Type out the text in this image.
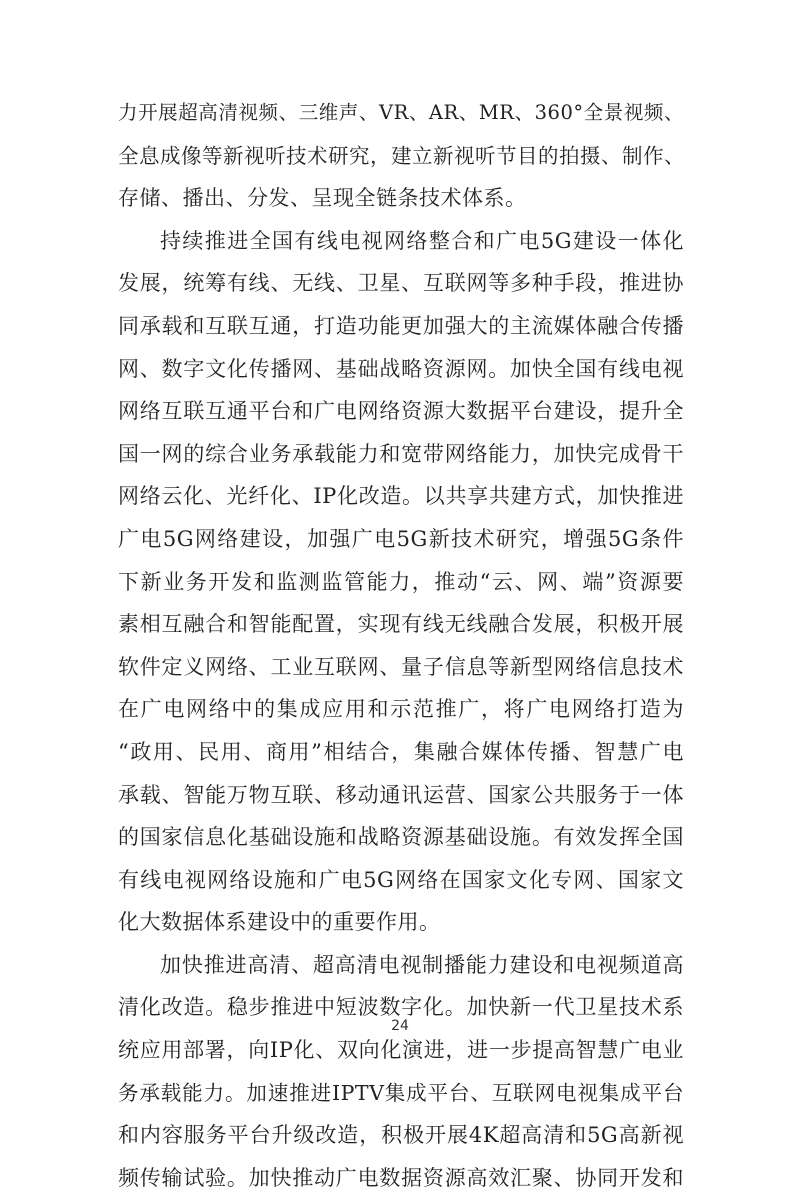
力开展超高清视频、三维声、VR、AR、MR、360°全景视频、
全息成像等新视听技术研究，建立新视听节目的拍摄、制作、
存储、播出、分发、呈现全链条技术体系。
持续推进全国有线电视网络整合和广电5G建设一体化
发展，统筹有线、无线、卫星、互联网等多种手段，推进协
同承载和互联互通，打造功能更加强大的主流媒体融合传播
网、数字文化传播网、基础战略资源网。加快全国有线电视
网络互联互通平台和广电网络资源大数据平台建设，提升全
国一网的综合业务承载能力和宽带网络能力，加快完成骨干
网络云化、光纤化、IP化改造。以共享共建方式，加快推进
广电5G网络建设，加强广电5G新技术研究，增强5G条件
下新业务开发和监测监管能力，推动“云、网、端”资源要
素相互融合和智能配置，实现有线无线融合发展，积极开展
软件定义网络、工业互联网、量子信息等新型网络信息技术
在广电网络中的集成应用和示范推广，将广电网络打造为
“政用、民用、商用”相结合，集融合媒体传播、智慧广电
承载、智能万物互联、移动通讯运营、国家公共服务于一体
的国家信息化基础设施和战略资源基础设施。有效发挥全国
有线电视网络设施和广电5G网络在国家文化专网、国家文
化大数据体系建设中的重要作用。
加快推进高清、超高清电视制播能力建设和电视频道高
清化改造。稳步推进中短波数字化。加快新一代卫星技术系
统应用部署，向IP化、双向化演进，进一步提高智慧广电业
务承载能力。加速推进IPTV集成平台、互联网电视集成平台
和内容服务平台升级改造，积极开展4K超高清和5G高新视
频传输试验。加快推动广电数据资源高效汇聚、协同开发和
24
